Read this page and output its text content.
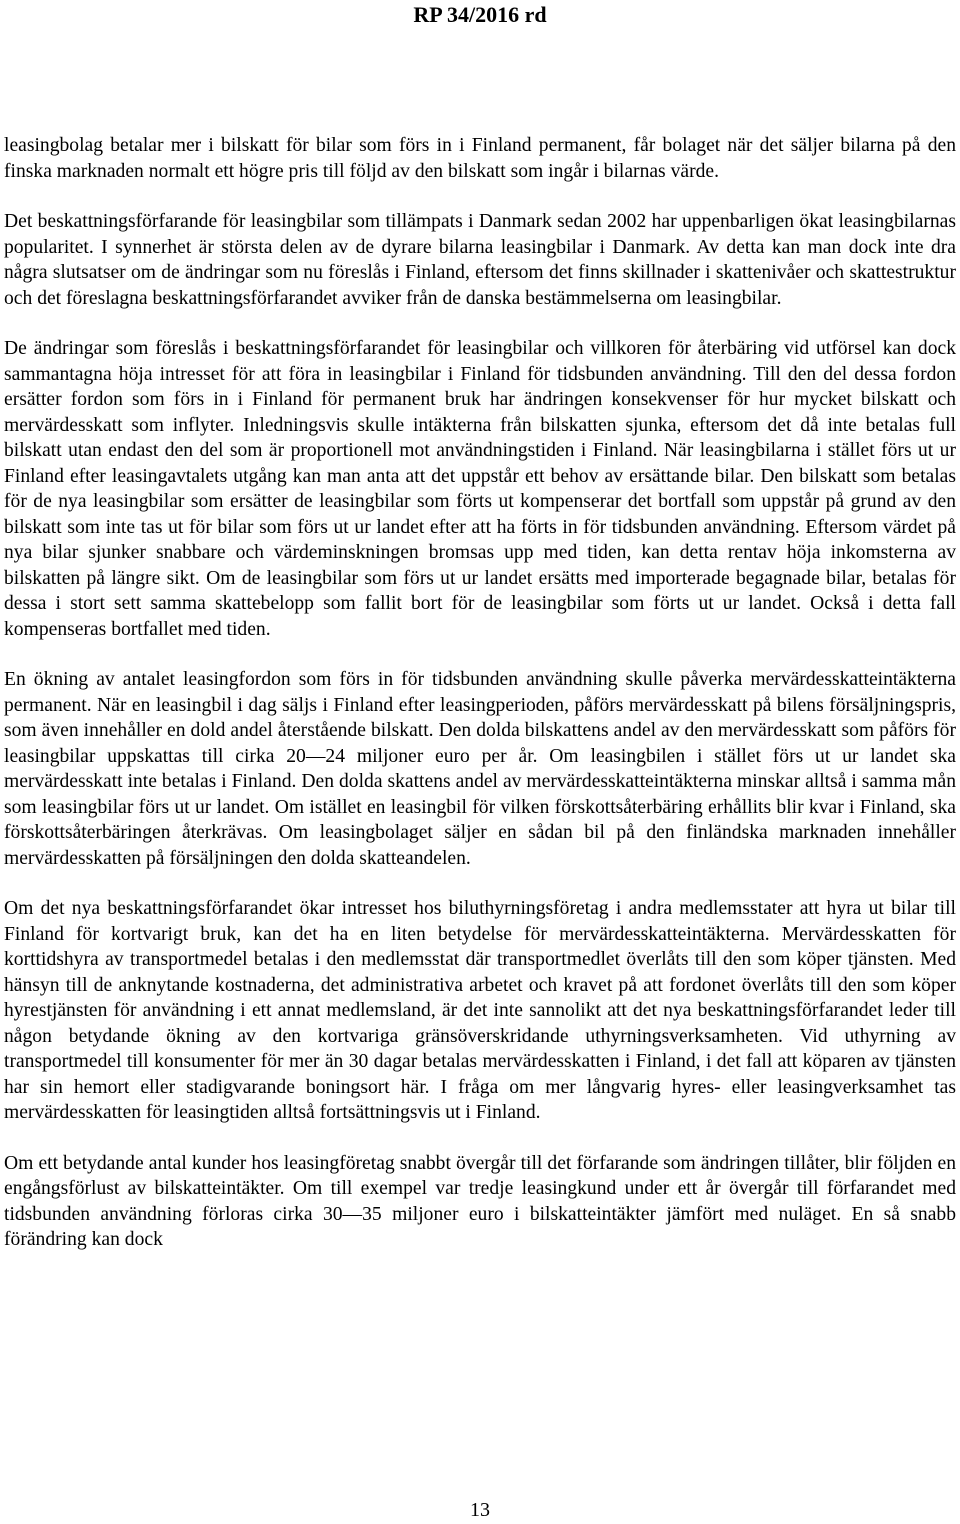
RP 34/2016 rd

leasingbolag betalar mer i bilskatt för bilar som förs in i Finland permanent, får bolaget när det säljer bilarna på den finska marknaden normalt ett högre pris till följd av den bilskatt som ingår i bilarnas värde.

Det beskattningsförfarande för leasingbilar som tillämpats i Danmark sedan 2002 har uppenbarligen ökat leasingbilarnas popularitet. I synnerhet är största delen av de dyrare bilarna leasingbilar i Danmark. Av detta kan man dock inte dra några slutsatser om de ändringar som nu föreslås i Finland, eftersom det finns skillnader i skattenivåer och skattestruktur och det föreslagna beskattningsförfarandet avviker från de danska bestämmelserna om leasingbilar.

De ändringar som föreslås i beskattningsförfarandet för leasingbilar och villkoren för återbäring vid utförsel kan dock sammantagna höja intresset för att föra in leasingbilar i Finland för tidsbunden användning. Till den del dessa fordon ersätter fordon som förs in i Finland för permanent bruk har ändringen konsekvenser för hur mycket bilskatt och mervärdesskatt som inflyter. Inledningsvis skulle intäkterna från bilskatten sjunka, eftersom det då inte betalas full bilskatt utan endast den del som är proportionell mot användningstiden i Finland. När leasingbilarna i stället förs ut ur Finland efter leasingavtalets utgång kan man anta att det uppstår ett behov av ersättande bilar. Den bilskatt som betalas för de nya leasingbilar som ersätter de leasingbilar som förts ut kompenserar det bortfall som uppstår på grund av den bilskatt som inte tas ut för bilar som förs ut ur landet efter att ha förts in för tidsbunden användning. Eftersom värdet på nya bilar sjunker snabbare och värdeminskningen bromsas upp med tiden, kan detta rentav höja inkomsterna av bilskatten på längre sikt. Om de leasingbilar som förs ut ur landet ersätts med importerade begagnade bilar, betalas för dessa i stort sett samma skattebelopp som fallit bort för de leasingbilar som förts ut ur landet. Också i detta fall kompenseras bortfallet med tiden.

En ökning av antalet leasingfordon som förs in för tidsbunden användning skulle påverka mervärdesskatteintäkterna permanent. När en leasingbil i dag säljs i Finland efter leasingperioden, påförs mervärdesskatt på bilens försäljningspris, som även innehåller en dold andel återstående bilskatt. Den dolda bilskattens andel av den mervärdesskatt som påförs för leasingbilar uppskattas till cirka 20—24 miljoner euro per år. Om leasingbilen i stället förs ut ur landet ska mervärdesskatt inte betalas i Finland. Den dolda skattens andel av mervärdesskatteintäkterna minskar alltså i samma mån som leasingbilar förs ut ur landet. Om istället en leasingbil för vilken förskottsåterbäring erhållits blir kvar i Finland, ska förskottsåterbäringen återkrävas. Om leasingbolaget säljer en sådan bil på den finländska marknaden innehåller mervärdesskatten på försäljningen den dolda skatteandelen.

Om det nya beskattningsförfarandet ökar intresset hos biluthyrningsföretag i andra medlemsstater att hyra ut bilar till Finland för kortvarigt bruk, kan det ha en liten betydelse för mervärdesskatteintäkterna. Mervärdesskatten för korttidshyra av transportmedel betalas i den medlemsstat där transportmedlet överlåts till den som köper tjänsten. Med hänsyn till de anknytande kostnaderna, det administrativa arbetet och kravet på att fordonet överlåts till den som köper hyrestjänsten för användning i ett annat medlemsland, är det inte sannolikt att det nya beskattningsförfarandet leder till någon betydande ökning av den kortvariga gränsöverskridande uthyrningsverksamheten. Vid uthyrning av transportmedel till konsumenter för mer än 30 dagar betalas mervärdesskatten i Finland, i det fall att köparen av tjänsten har sin hemort eller stadigvarande boningsort här. I fråga om mer långvarig hyres- eller leasingverksamhet tas mervärdesskatten för leasingtiden alltså fortsättningsvis ut i Finland.

Om ett betydande antal kunder hos leasingföretag snabbt övergår till det förfarande som ändringen tillåter, blir följden en engångsförlust av bilskatteintäkter. Om till exempel var tredje leasingkund under ett år övergår till förfarandet med tidsbunden användning förloras cirka 30—35 miljoner euro i bilskatteintäkter jämfört med nuläget. En så snabb förändring kan dock

13
